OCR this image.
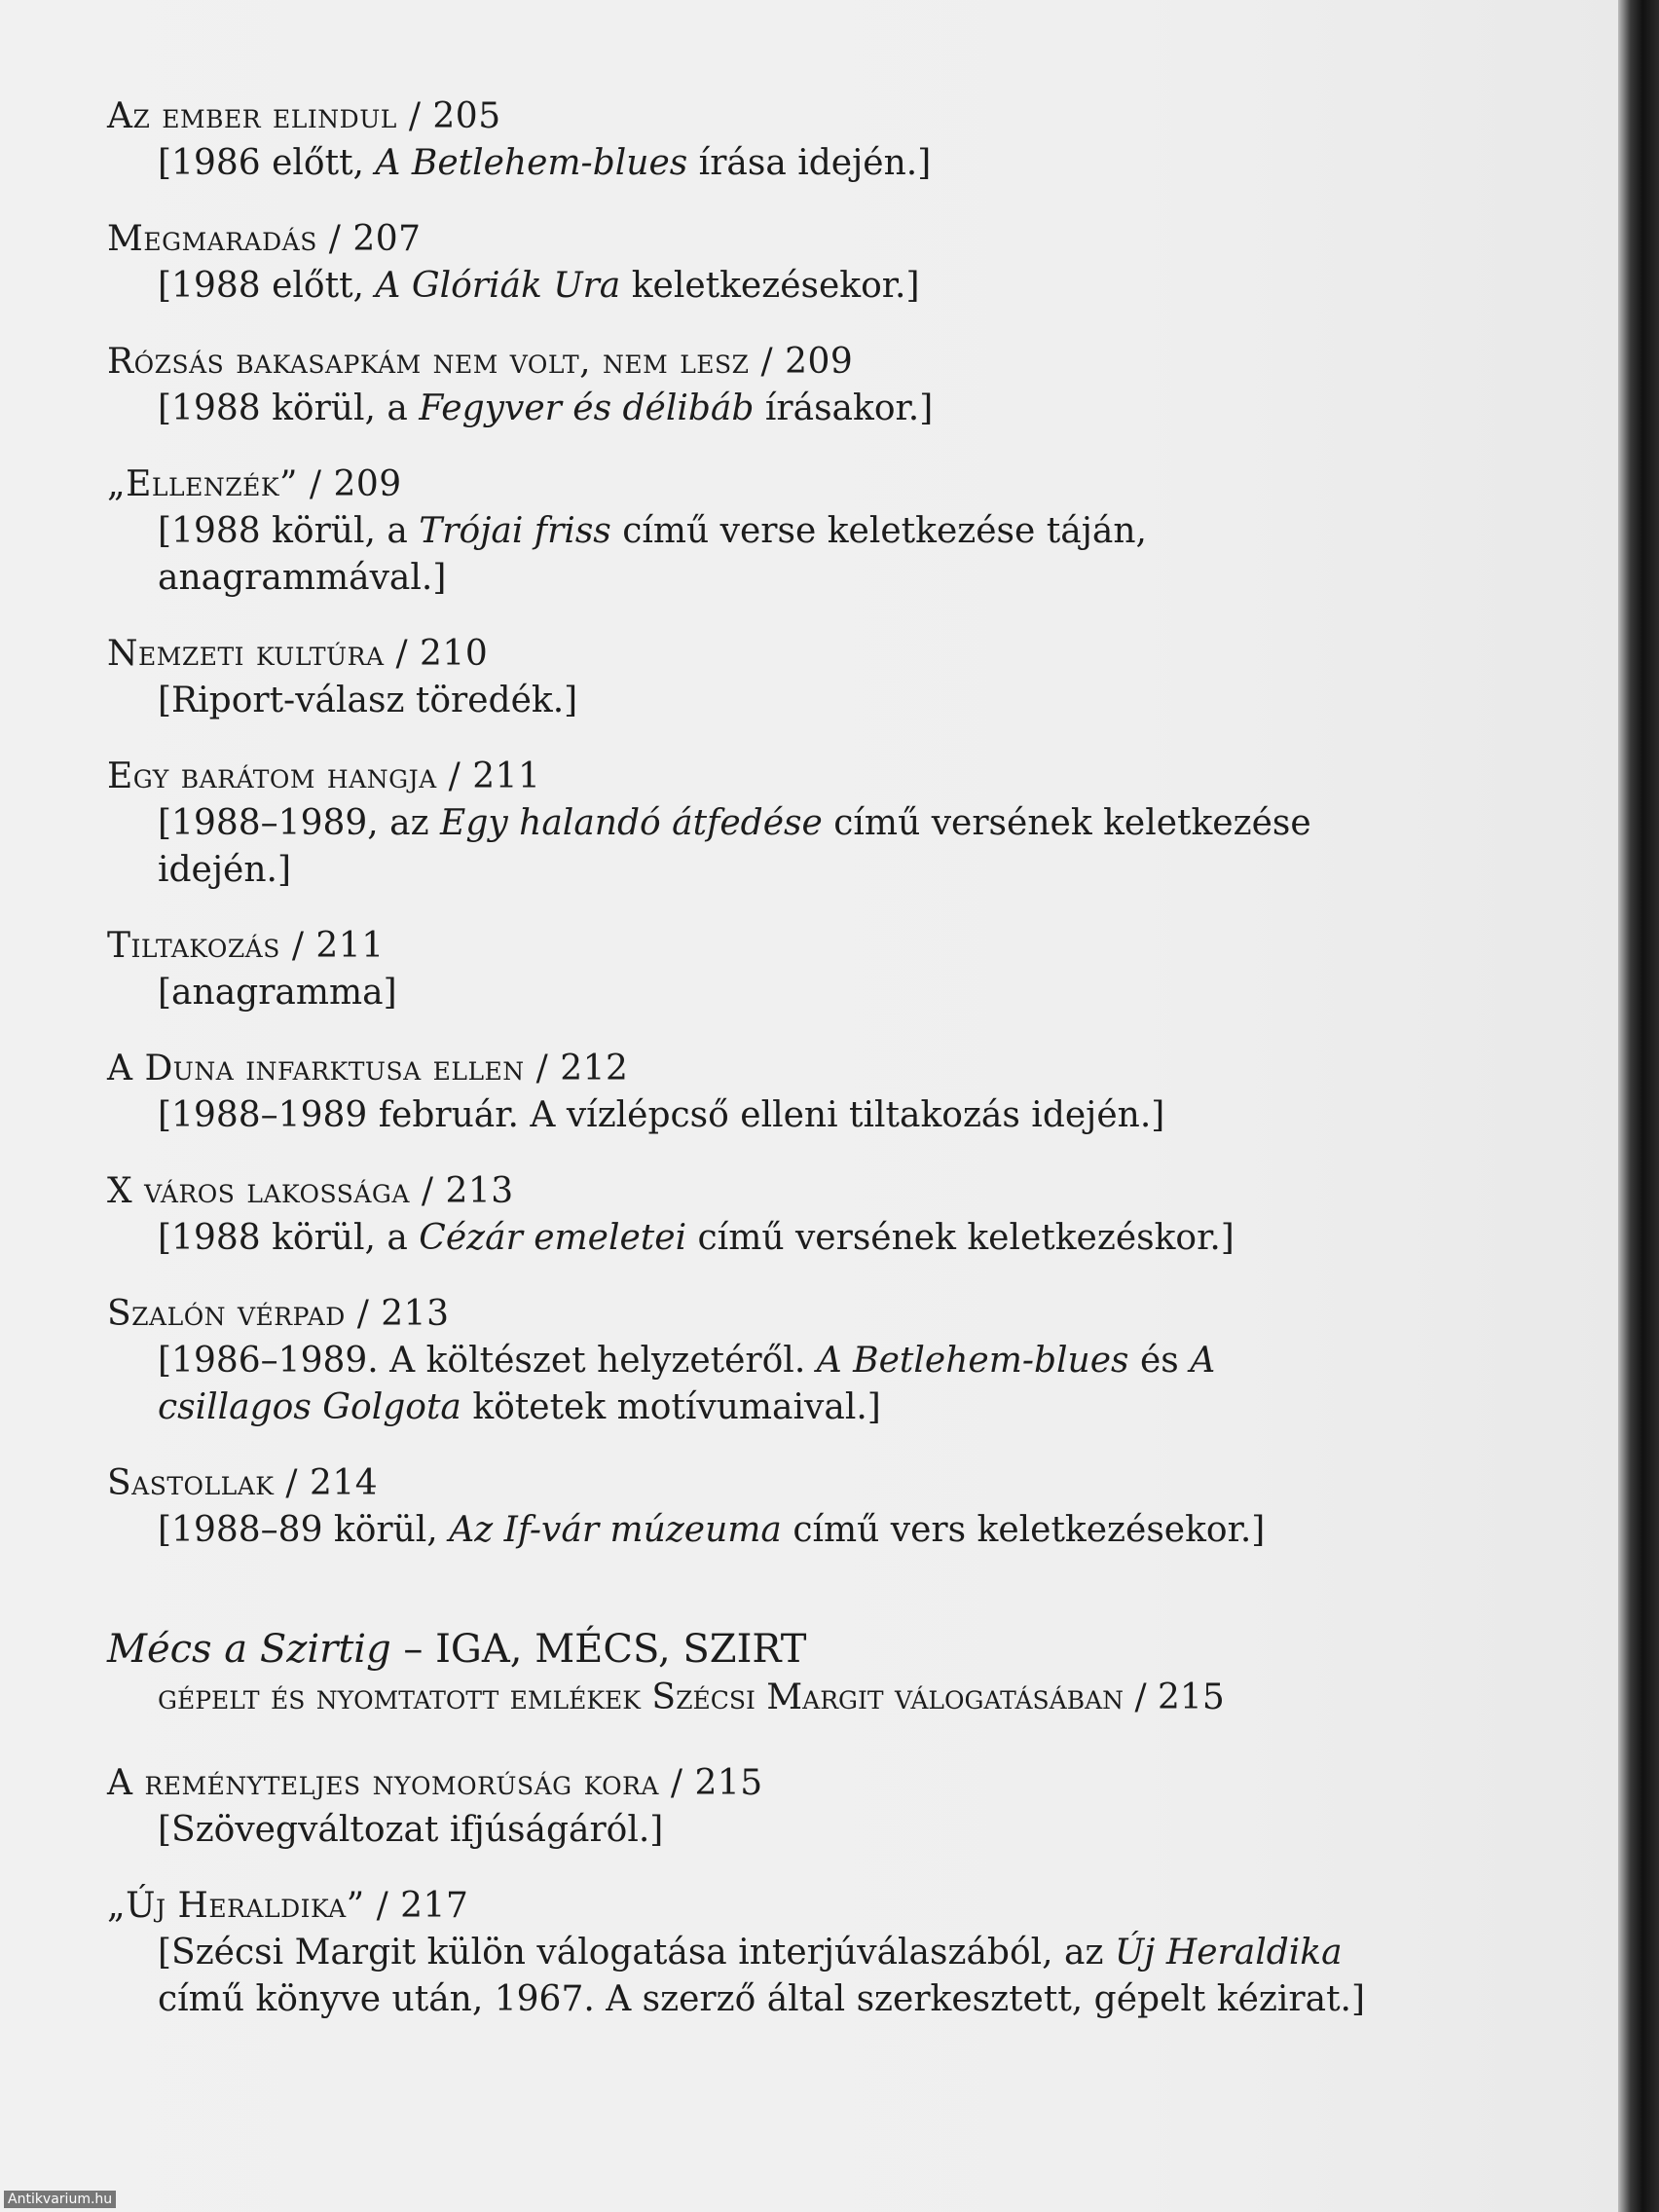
Az ember elindul / 205
[1986 előtt, A Betlehem-blues írása idején.]
Megmaradás / 207
[1988 előtt, A Glóriák Ura keletkezésekor.]
Rózsás bakasapkám nem volt, nem lesz / 209
[1988 körül, a Fegyver és délibáb írásakor.]
„Ellenzék” / 209
[1988 körül, a Trójai friss című verse keletkezése táján, anagrammával.]
Nemzeti kultúra / 210
[Riport-válasz töredék.]
Egy barátom hangja / 211
[1988–1989, az Egy halandó átfedése című versének keletkezése idején.]
Tiltakozás / 211
[anagramma]
A Duna infarktusa ellen / 212
[1988–1989 február. A vízlépcső elleni tiltakozás idején.]
X város lakossága / 213
[1988 körül, a Cézár emeletei című versének keletkezéskor.]
Szalón vérpad / 213
[1986–1989. A költészet helyzetéről. A Betlehem-blues és A csillagos Golgota kötetek motívumaival.]
Sastollak / 214
[1988–89 körül, Az If-vár múzeuma című vers keletkezésekor.]
Mécs a Szirtig – IGA, MÉCS, SZIRT
gépelt és nyomtatott emlékek Szécsi Margit válogatásában / 215
A reményteljes nyomorúság kora / 215
[Szövegváltozat ifjúságáról.]
„Új Heraldika” / 217
[Szécsi Margit külön válogatása interjúválaszából, az Új Heraldika című könyve után, 1967. A szerző által szerkesztett, gépelt kézirat.]
Antikvarium.hu
